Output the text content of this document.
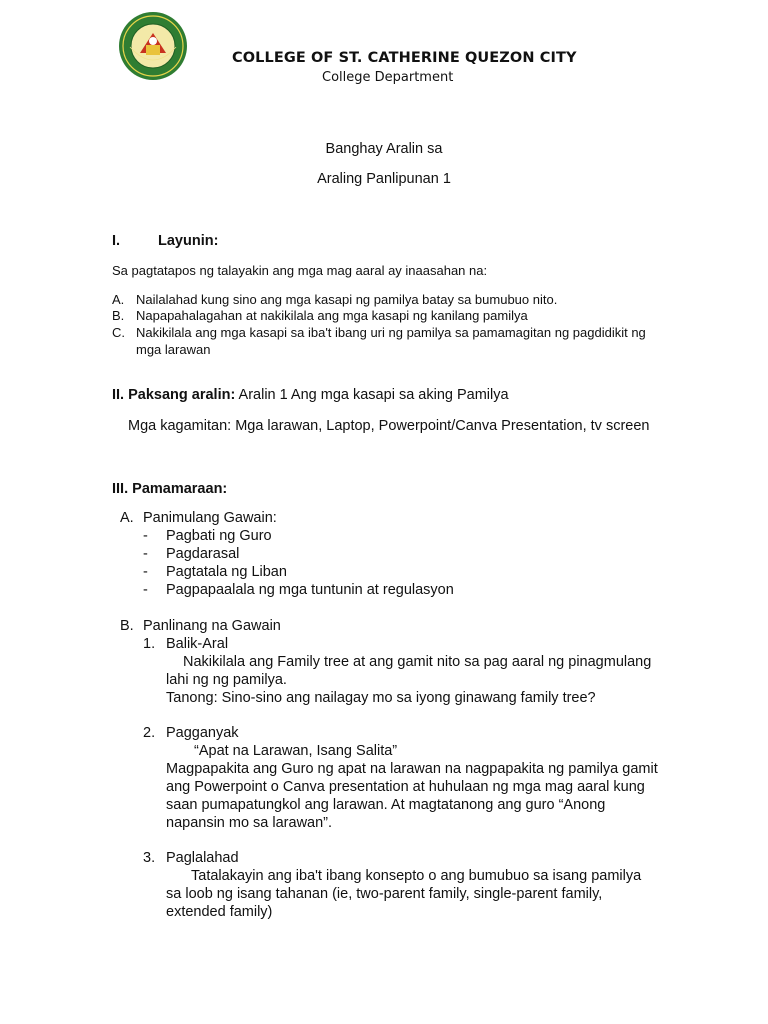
COLLEGE OF ST. CATHERINE QUEZON CITY
College Department
Banghay Aralin sa
Araling Panlipunan 1
I.	Layunin:
Sa pagtatapos ng talayakin ang mga mag aaral ay inaasahan na:
A. Nailalahad kung sino ang mga kasapi ng pamilya batay sa bumubuo nito.
B. Napapahalagahan at nakikilala ang mga kasapi ng kanilang pamilya
C. Nakikilala ang mga kasapi sa iba't ibang uri ng pamilya sa pamamagitan ng pagdidikit ng
mga larawan
II. Paksang aralin: Aralin 1 Ang mga kasapi sa aking Pamilya
Mga kagamitan: Mga larawan, Laptop, Powerpoint/Canva Presentation, tv screen
III. Pamamaraan:
A. Panimulang Gawain:
- Pagbati ng Guro
- Pagdarasal
- Pagtatala ng Liban
- Pagpapaalala ng mga tuntunin at regulasyon
B. Panlinang na Gawain
1. Balik-Aral
Nakikilala ang Family tree at ang gamit nito sa pag aaral ng pinagmulang
lahi ng ng pamilya.
Tanong: Sino-sino ang nailagay mo sa iyong ginawang family tree?
2. Pagganyak
“Apat na Larawan, Isang Salita”
Magpapakita ang Guro ng apat na larawan na nagpapakita ng pamilya gamit
ang Powerpoint o Canva presentation at huhulaan ng mga mag aaral kung
saan pumapatungkol ang larawan. At magtatanong ang guro “Anong
napansin mo sa larawan”.
3. Paglalahad
Tatalakayin ang iba't ibang konsepto o ang bumubuo sa isang pamilya
sa loob ng isang tahanan (ie, two-parent family, single-parent family,
extended family)
